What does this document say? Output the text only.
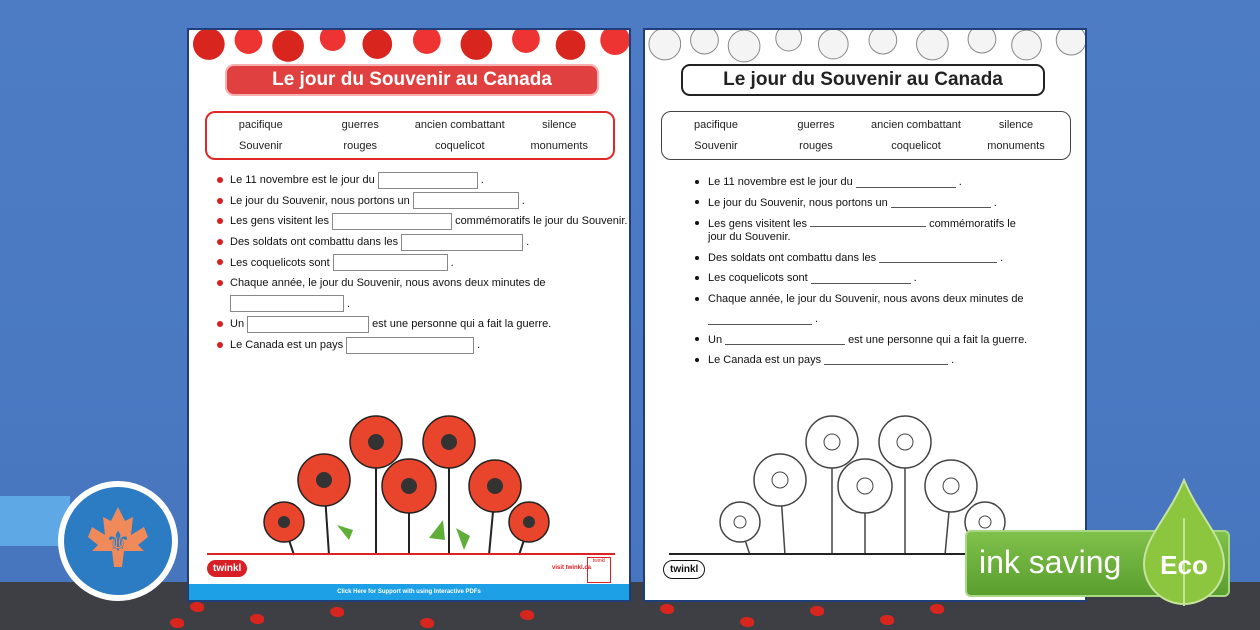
⚜
Le jour du Souvenir au Canada
pacifique	guerres	ancien combattant	silence
Souvenir	rouges	coquelicot	monuments
Le 11 novembre est le jour du	.
Le jour du Souvenir, nous portons un	.
Les gens visitent les	commémoratifs le jour du Souvenir.
Des soldats ont combattu dans les	.
Les coquelicots sont	.
Chaque année, le jour du Souvenir, nous avons deux minutes de
.
Un	est une personne qui a fait la guerre.
Le Canada est un pays	.
twinkl	visit twinkl.ca
twinkl
Click Here for Support with using Interactive PDFs
Le jour du Souvenir au Canada
pacifique	guerres	ancien combattant	silence
Souvenir	rouges	coquelicot	monuments
Le 11 novembre est le jour du	.
Le jour du Souvenir, nous portons un	.
Les gens visitent les	commémoratifs le jour du Souvenir.
Des soldats ont combattu dans les	.
Les coquelicots sont	.
Chaque année, le jour du Souvenir, nous avons deux minutes de
.
Un	est une personne qui a fait la guerre.
Le Canada est un pays	.
twinkl	ink saving Eco
